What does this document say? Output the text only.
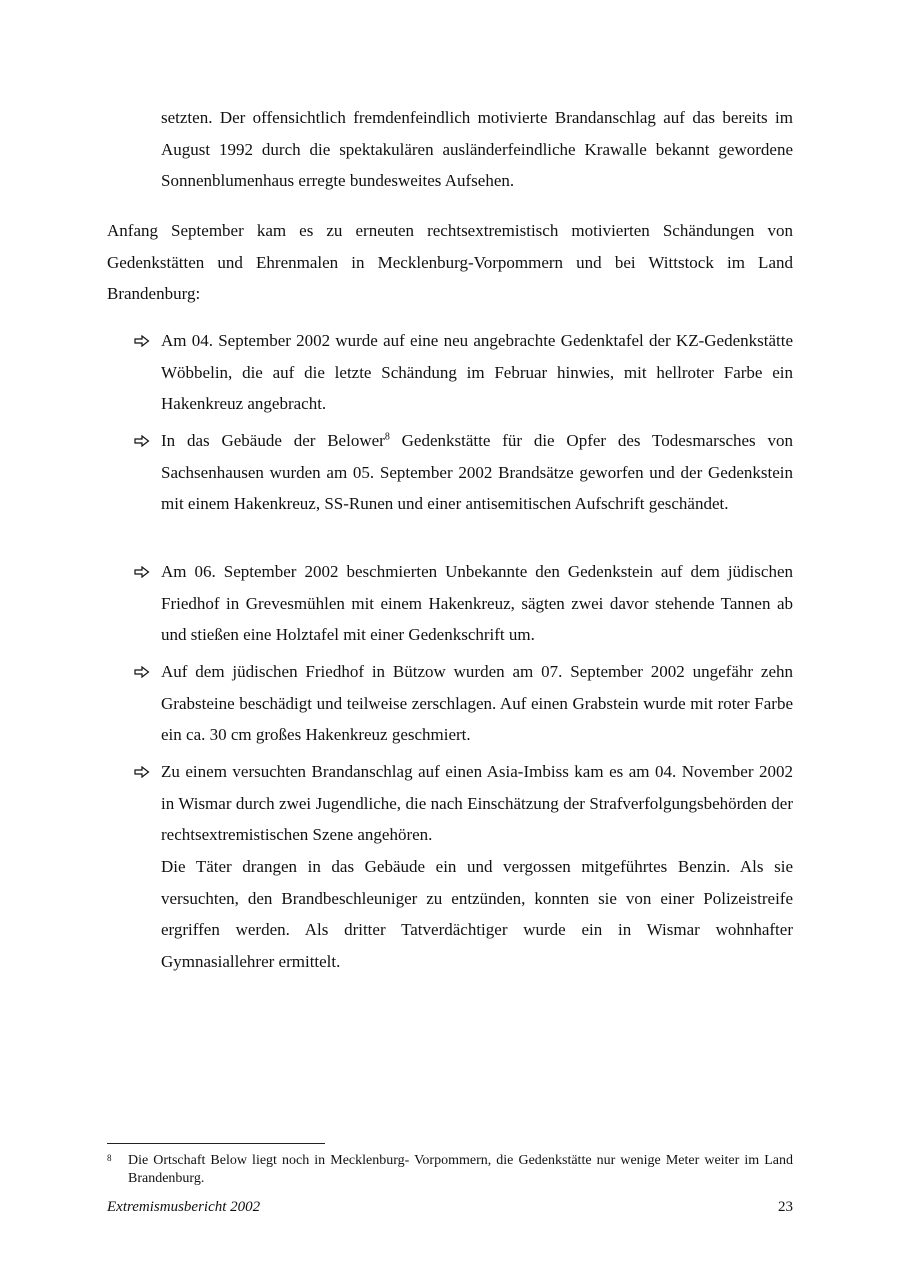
setzten. Der offensichtlich fremdenfeindlich motivierte Brandanschlag auf das bereits im August 1992 durch die spektakulären ausländerfeindliche Krawalle bekannt gewordene Sonnenblumenhaus erregte bundesweites Aufsehen.

Anfang September kam es zu erneuten rechtsextremistisch motivierten Schändungen von Gedenkstätten und Ehrenmalen in Mecklenburg-Vorpommern und bei Wittstock im Land Brandenburg:

Am 04. September 2002 wurde auf eine neu angebrachte Gedenktafel der KZ-Gedenkstätte Wöbbelin, die auf die letzte Schändung im Februar hinwies, mit hellroter Farbe ein Hakenkreuz angebracht.
In das Gebäude der Belower$^8$ Gedenkstätte für die Opfer des Todesmarsches von Sachsenhausen wurden am 05. September 2002 Brandsätze geworfen und der Gedenkstein mit einem Hakenkreuz, SS-Runen und einer antisemitischen Aufschrift geschändet.
Am 06. September 2002 beschmierten Unbekannte den Gedenkstein auf dem jüdischen Friedhof in Grevesmühlen mit einem Hakenkreuz, sägten zwei davor stehende Tannen ab und stießen eine Holztafel mit einer Gedenkschrift um.
Auf dem jüdischen Friedhof in Bützow wurden am 07. September 2002 ungefähr zehn Grabsteine beschädigt und teilweise zerschlagen. Auf einen Grabstein wurde mit roter Farbe ein ca. 30 cm großes Hakenkreuz geschmiert.
Zu einem versuchten Brandanschlag auf einen Asia-Imbiss kam es am 04. November 2002 in Wismar durch zwei Jugendliche, die nach Einschätzung der Strafverfolgungsbehörden der rechtsextremistischen Szene angehören.

Die Täter drangen in das Gebäude ein und vergossen mitgeführtes Benzin. Als sie versuchten, den Brandbeschleuniger zu entzünden, konnten sie von einer Polizeistreife ergriffen werden. Als dritter Tatverdächtiger wurde ein in Wismar wohnhafter Gymnasiallehrer ermittelt.

8 Die Ortschaft Below liegt noch in Mecklenburg- Vorpommern, die Gedenkstätte nur wenige Meter weiter im Land Brandenburg.
Extremismusbericht 2002	23
